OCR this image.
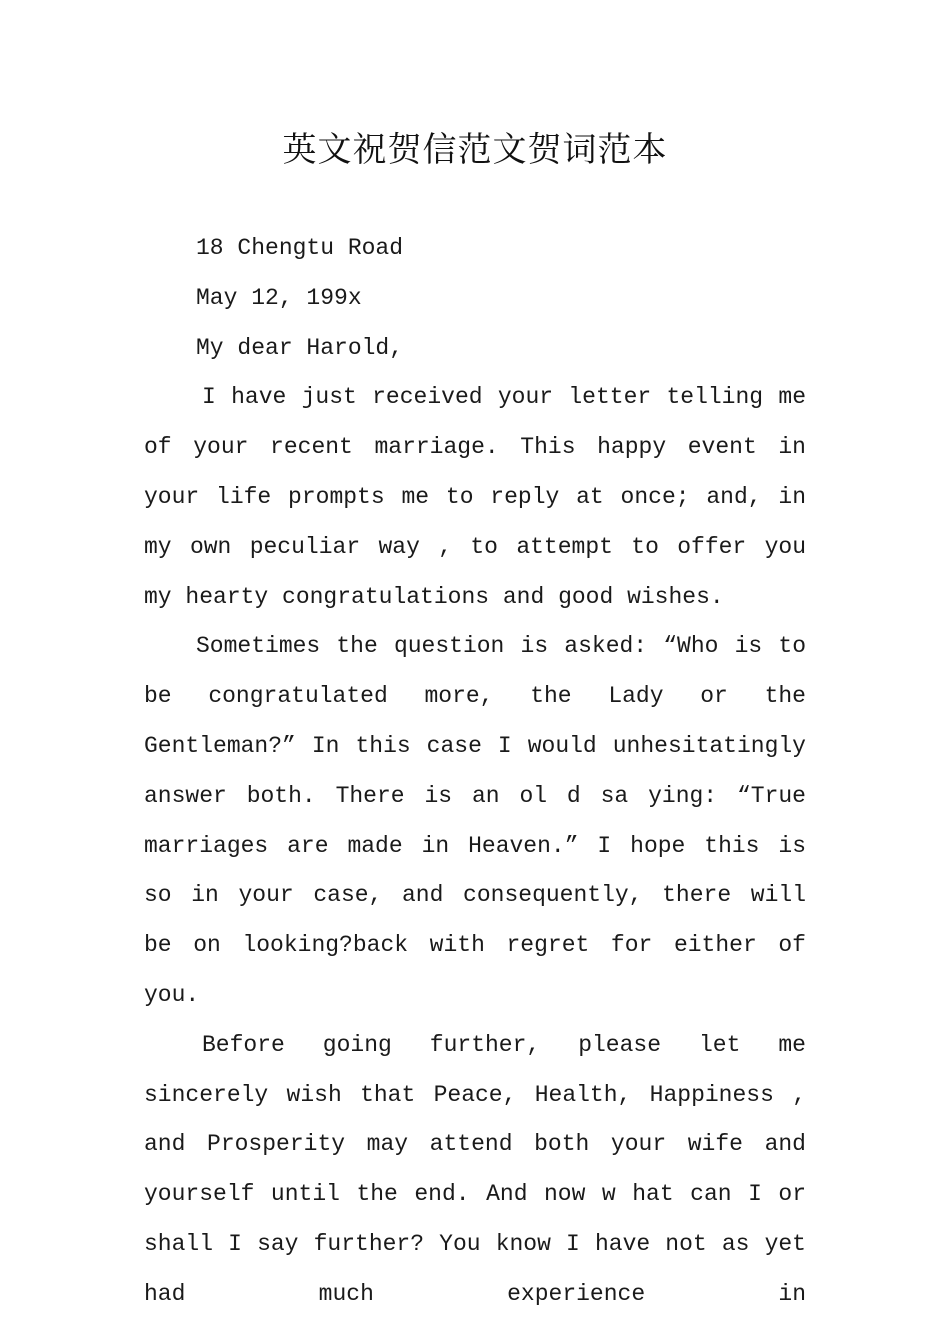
英文祝贺信范文贺词范本

18 Chengtu Road

May 12, 199x

My dear Harold,

I have just received your letter telling me of your recent marriage. This happy event in your life prompts me to reply at once; and, in my own peculiar way , to attempt to offer you my hearty congratulations and good wishes.

Sometimes the question is asked: “Who is to be congratulated more, the Lady or the Gentleman?” In this case I would unhesitatingly answer both. There is an ol d sa ying: “True marriages are made in Heaven.” I hope this is so in your case, and consequently, there will be on looking?back with regret for either of you.

Before going further, please let me sincerely wish that Peace, Health, Happiness , and Prosperity may attend both your wife and yourself until the end. And now w hat can I or shall I say further? You know I have not as yet had much experience in
